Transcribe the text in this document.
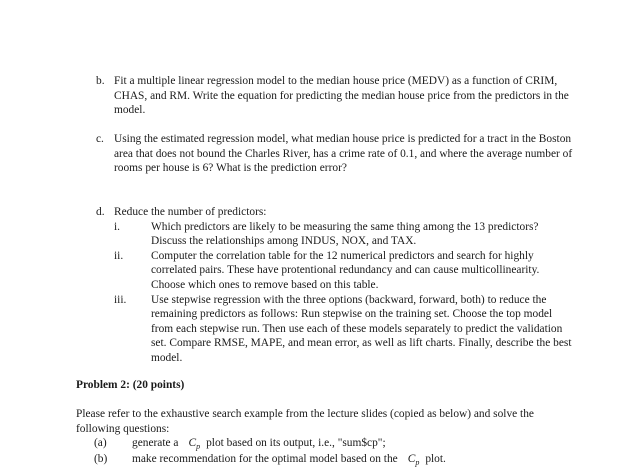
b. Fit a multiple linear regression model to the median house price (MEDV) as a function of CRIM, CHAS, and RM. Write the equation for predicting the median house price from the predictors in the model.
c. Using the estimated regression model, what median house price is predicted for a tract in the Boston area that does not bound the Charles River, has a crime rate of 0.1, and where the average number of rooms per house is 6? What is the prediction error?
d. Reduce the number of predictors:
i.	Which predictors are likely to be measuring the same thing among the 13 predictors? Discuss the relationships among INDUS, NOX, and TAX.
ii. Computer the correlation table for the 12 numerical predictors and search for highly correlated pairs. These have protentional redundancy and can cause multicollinearity. Choose which ones to remove based on this table.
iii. Use stepwise regression with the three options (backward, forward, both) to reduce the remaining predictors as follows: Run stepwise on the training set. Choose the top model from each stepwise run. Then use each of these models separately to predict the validation set. Compare RMSE, MAPE, and mean error, as well as lift charts. Finally, describe the best model.
Problem 2: (20 points)
Please refer to the exhaustive search example from the lecture slides (copied as below) and solve the following questions:
(a) generate a $C_p$ plot based on its output, i.e., "sum$cp";
(b) make recommendation for the optimal model based on the $C_p$ plot.
